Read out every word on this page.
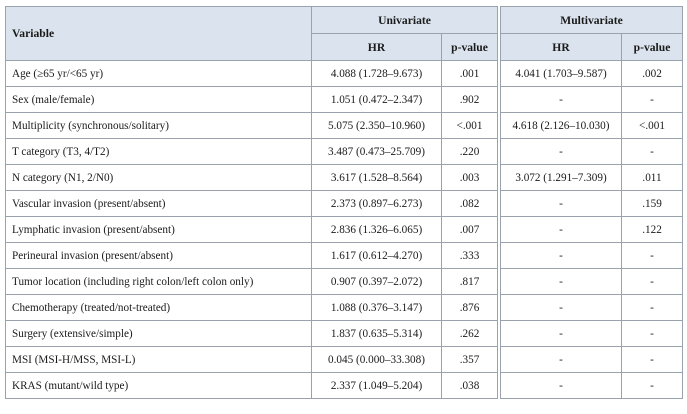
Variable	Univariate			Multivariate	
	HR	p-value		HR	p-value
Age (≥65 yr/<65 yr)	4.088 (1.728–9.673)	.001		4.041 (1.703–9.587)	.002
Sex (male/female)	1.051 (0.472–2.347)	.902		-	-
Multiplicity (synchronous/solitary)	5.075 (2.350–10.960)	<.001		4.618 (2.126–10.030)	<.001
T category (T3, 4/T2)	3.487 (0.473–25.709)	.220		-	-
N category (N1, 2/N0)	3.617 (1.528–8.564)	.003		3.072 (1.291–7.309)	.011
Vascular invasion (present/absent)	2.373 (0.897–6.273)	.082		-	.159
Lymphatic invasion (present/absent)	2.836 (1.326–6.065)	.007		-	.122
Perineural invasion (present/absent)	1.617 (0.612–4.270)	.333		-	-
Tumor location (including right colon/left colon only)	0.907 (0.397–2.072)	.817		-	-
Chemotherapy (treated/not-treated)	1.088 (0.376–3.147)	.876		-	-
Surgery (extensive/simple)	1.837 (0.635–5.314)	.262		-	-
MSI (MSI-H/MSS, MSI-L)	0.045 (0.000–33.308)	.357		-	-
KRAS (mutant/wild type)	2.337 (1.049–5.204)	.038		-	-
